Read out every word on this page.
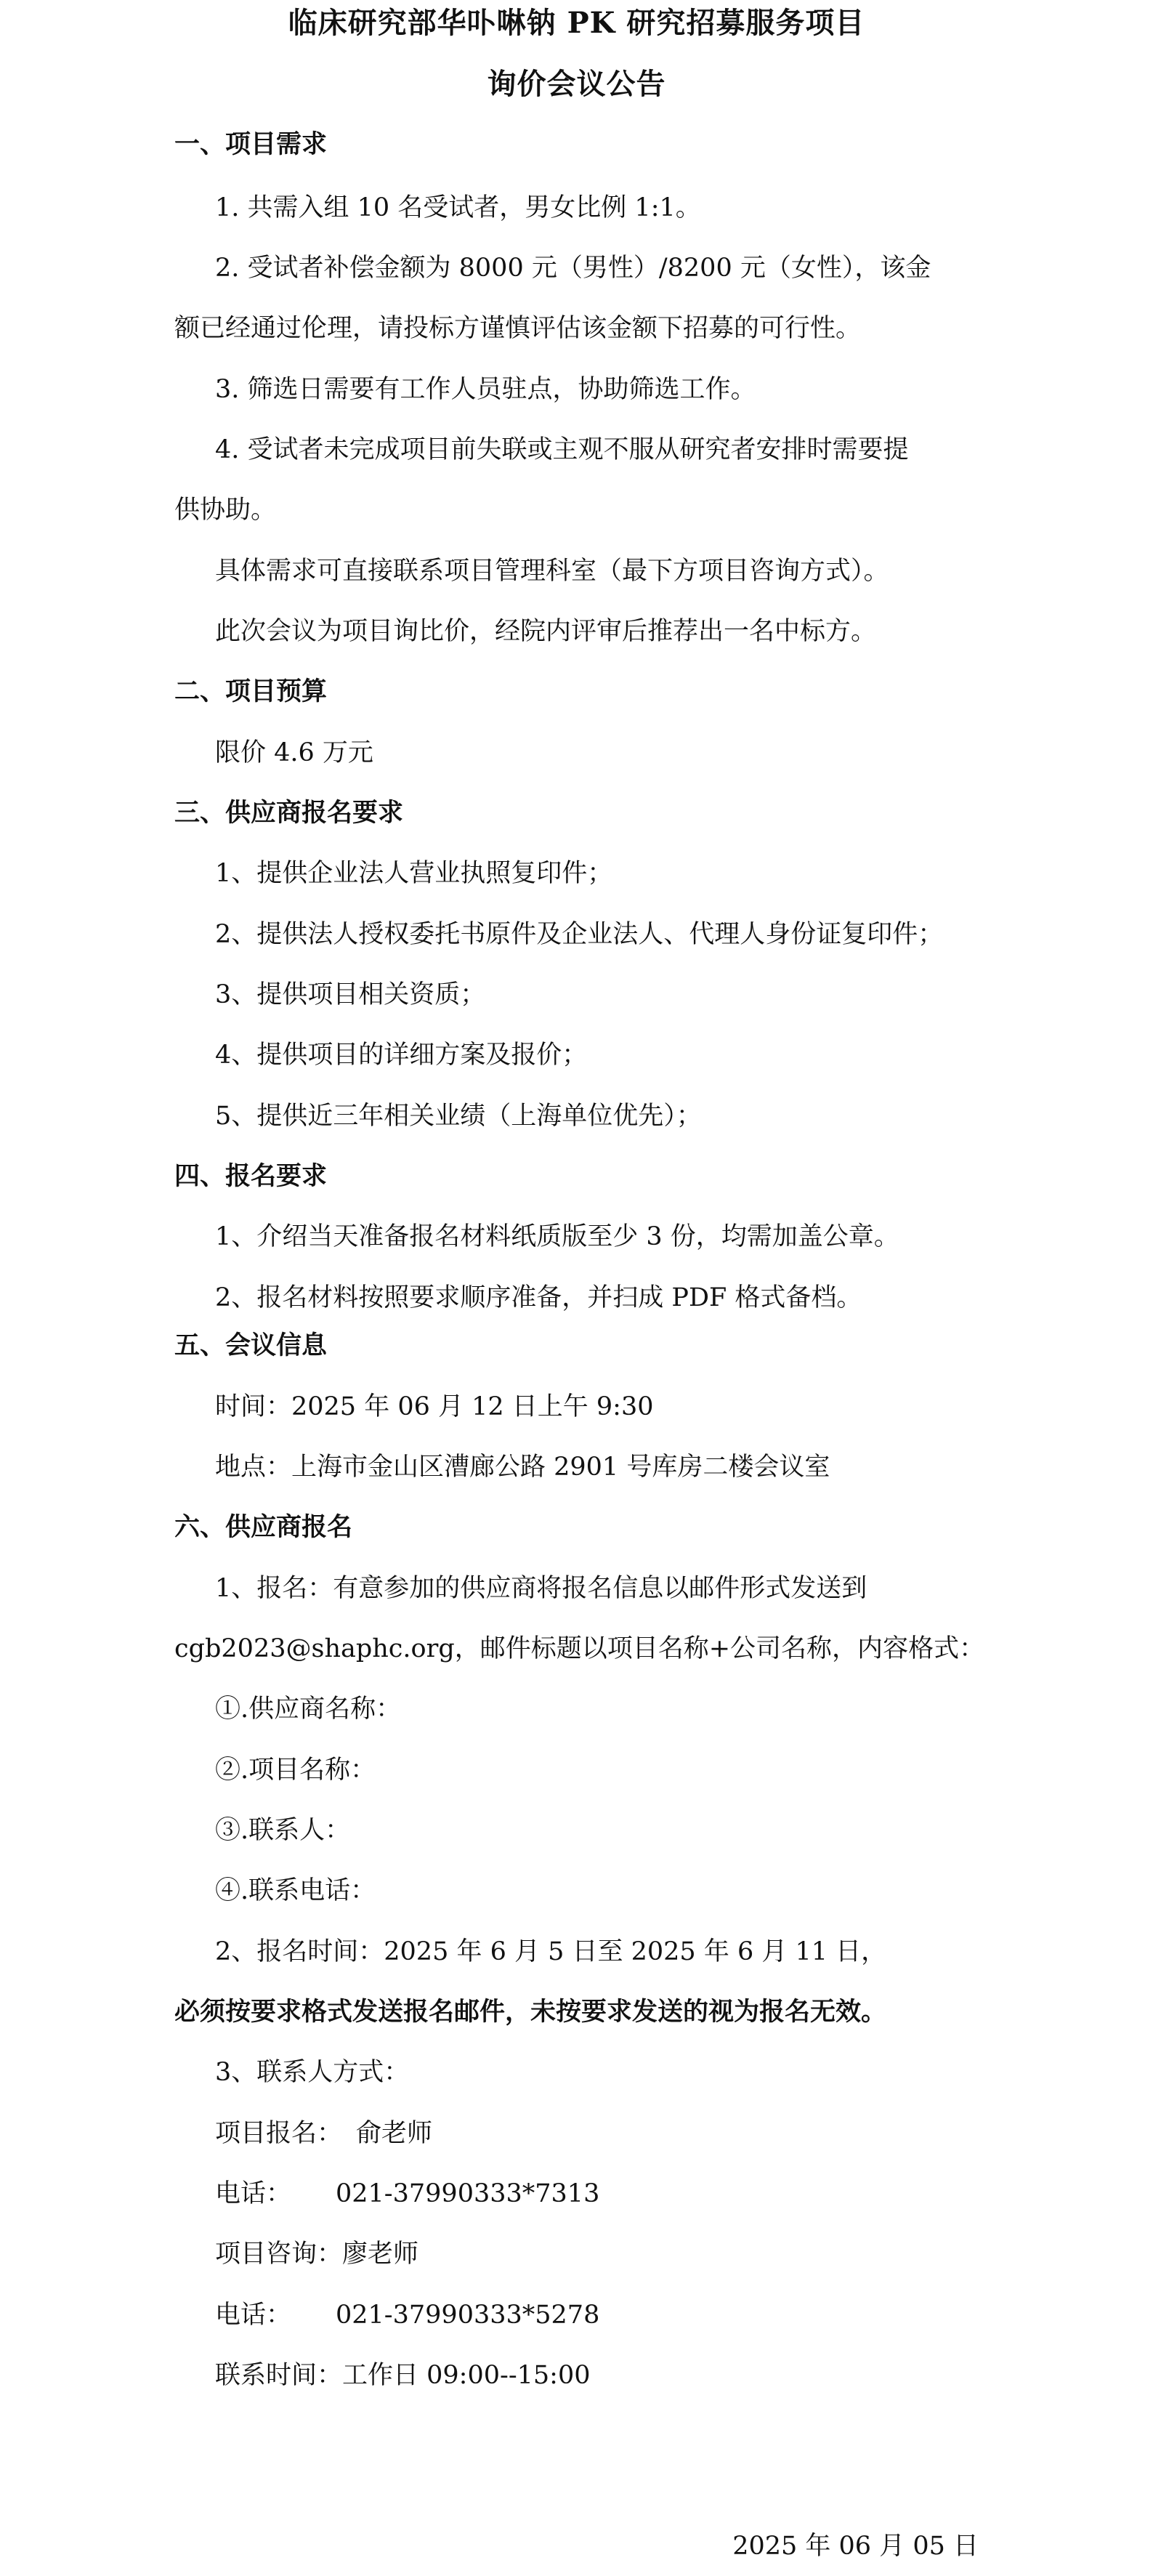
临床研究部华卟啉钠 PK 研究招募服务项目
询价会议公告
一、项目需求
1. 共需入组 10 名受试者，男女比例 1:1。
2. 受试者补偿金额为 8000 元（男性）/8200 元（女性），该金
额已经通过伦理，请投标方谨慎评估该金额下招募的可行性。
3. 筛选日需要有工作人员驻点，协助筛选工作。
4. 受试者未完成项目前失联或主观不服从研究者安排时需要提
供协助。
具体需求可直接联系项目管理科室（最下方项目咨询方式）。
此次会议为项目询比价，经院内评审后推荐出一名中标方。
二、项目预算
限价 4.6 万元
三、供应商报名要求
1、提供企业法人营业执照复印件；
2、提供法人授权委托书原件及企业法人、代理人身份证复印件；
3、提供项目相关资质；
4、提供项目的详细方案及报价；
5、提供近三年相关业绩（上海单位优先）；
四、报名要求
1、介绍当天准备报名材料纸质版至少 3 份，均需加盖公章。
2、报名材料按照要求顺序准备，并扫成 PDF 格式备档。
五、会议信息
时间：2025 年 06 月 12 日上午 9:30
地点：上海市金山区漕廊公路 2901 号库房二楼会议室
六、供应商报名
1、报名：有意参加的供应商将报名信息以邮件形式发送到
cgb2023@shaphc.org，邮件标题以项目名称+公司名称，内容格式：
①.供应商名称：
②.项目名称：
③.联系人：
④.联系电话：
2、报名时间：2025 年 6 月 5 日至 2025 年 6 月 11 日，
必须按要求格式发送报名邮件，未按要求发送的视为报名无效。
3、联系人方式：
项目报名： 俞老师
电话： 021-37990333*7313
项目咨询：廖老师
电话： 021-37990333*5278
联系时间：工作日 09:00--15:00
2025 年 06 月 05 日
